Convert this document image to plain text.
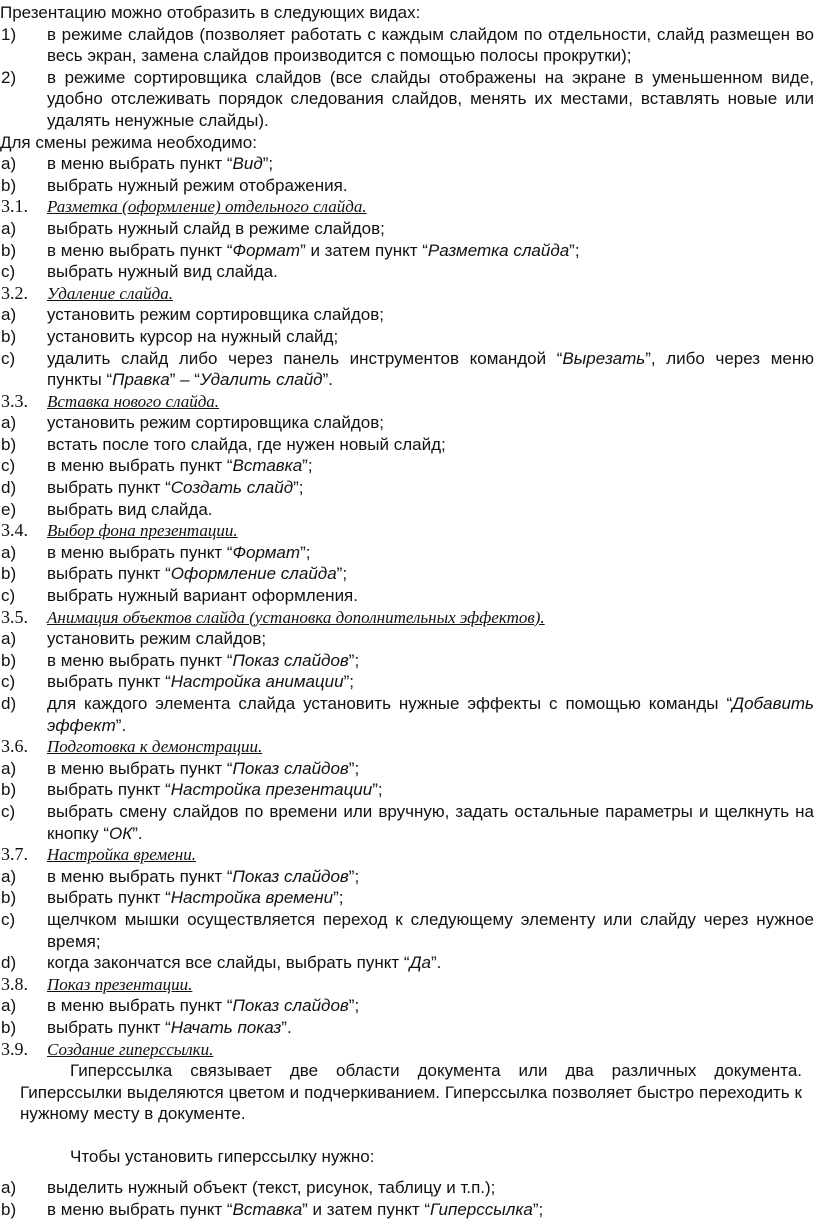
Презентацию можно отобразить в следующих видах:

1)	в режиме слайдов (позволяет работать с каждым слайдом по отдельности, слайд размещен во весь экран, замена слайдов производится с помощью полосы прокрутки);
2)	в режиме сортировщика слайдов (все слайды отображены на экране в уменьшенном виде, удобно отслеживать порядок следования слайдов, менять их местами, вставлять новые или удалять ненужные слайды).

Для смены режима необходимо:

a)	в меню выбрать пункт “Вид”;
b)	выбрать нужный режим отображения.
3.1.	Разметка (оформление) отдельного слайда.
a)	выбрать нужный слайд в режиме слайдов;
b)	в меню выбрать пункт “Формат” и затем пункт “Разметка слайда”;
c)	выбрать нужный вид слайда.
3.2.	Удаление слайда.
a)	установить режим сортировщика слайдов;
b)	установить курсор на нужный слайд;
c)	удалить слайд либо через панель инструментов командой “Вырезать”, либо через меню пункты “Правка” – “Удалить слайд”.
3.3.	Вставка нового слайда.
a)	установить режим сортировщика слайдов;
b)	встать после того слайда, где нужен новый слайд;
c)	в меню выбрать пункт “Вставка”;
d)	выбрать пункт “Создать слайд”;
e)	выбрать вид слайда.
3.4.	Выбор фона презентации.
a)	в меню выбрать пункт “Формат”;
b)	выбрать пункт “Оформление слайда”;
c)	выбрать нужный вариант оформления.
3.5.	Анимация объектов слайда (установка дополнительных эффектов).
a)	установить режим слайдов;
b)	в меню выбрать пункт “Показ слайдов”;
c)	выбрать пункт “Настройка анимации”;
d)	для каждого элемента слайда установить нужные эффекты с помощью команды “Добавить эффект”.
3.6.	Подготовка к демонстрации.
a)	в меню выбрать пункт “Показ слайдов”;
b)	выбрать пункт “Настройка презентации”;
c)	выбрать смену слайдов по времени или вручную, задать остальные параметры и щелкнуть на кнопку “ОК”.
3.7.	Настройка времени.
a)	в меню выбрать пункт “Показ слайдов”;
b)	выбрать пункт “Настройка времени”;
c)	щелчком мышки осуществляется переход к следующему элементу или слайду через нужное время;
d)	когда закончатся все слайды, выбрать пункт “Да”.
3.8.	Показ презентации.
a)	в меню выбрать пункт “Показ слайдов”;
b)	выбрать пункт “Начать показ”.
3.9.	Создание гиперссылки.

Гиперссылка связывает две области документа или два различных документа. Гиперссылки выделяются цветом и подчеркиванием. Гиперссылка позволяет быстро переходить к нужному месту в документе.

Чтобы установить гиперссылку нужно:

a)	выделить нужный объект (текст, рисунок, таблицу и т.п.);
b)	в меню выбрать пункт “Вставка” и затем пункт “Гиперссылка”;
